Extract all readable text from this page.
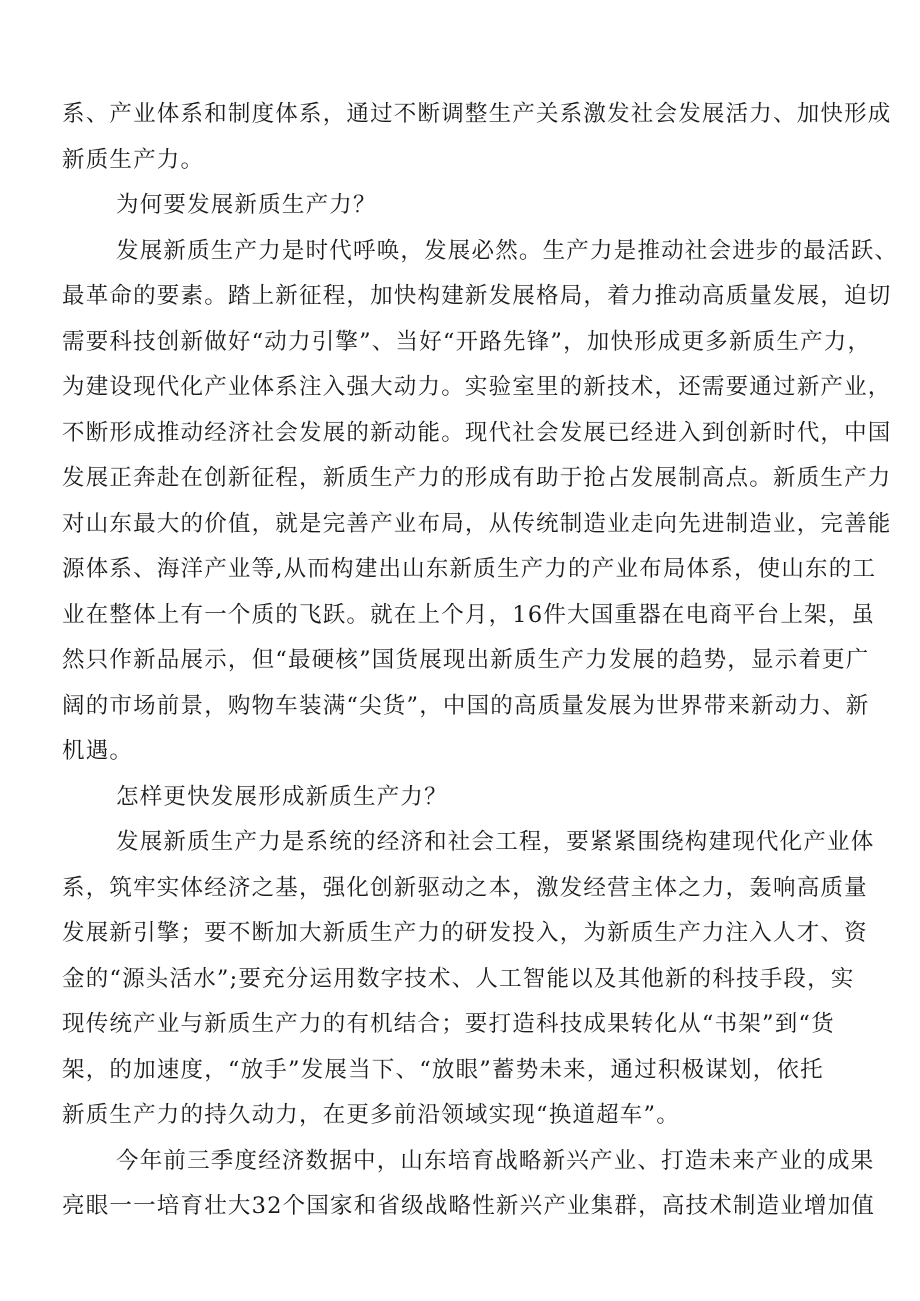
系、产业体系和制度体系，通过不断调整生产关系激发社会发展活力、加快形成
新质生产力。
为何要发展新质生产力？
发展新质生产力是时代呼唤，发展必然。生产力是推动社会进步的最活跃、
最革命的要素。踏上新征程，加快构建新发展格局，着力推动高质量发展，迫切
需要科技创新做好“动力引擎”、当好“开路先锋”，加快形成更多新质生产力，
为建设现代化产业体系注入强大动力。实验室里的新技术，还需要通过新产业，
不断形成推动经济社会发展的新动能。现代社会发展已经进入到创新时代，中国
发展正奔赴在创新征程，新质生产力的形成有助于抢占发展制高点。新质生产力
对山东最大的价值，就是完善产业布局，从传统制造业走向先进制造业，完善能
源体系、海洋产业等,从而构建出山东新质生产力的产业布局体系，使山东的工
业在整体上有一个质的飞跃。就在上个月，16件大国重器在电商平台上架，虽
然只作新品展示，但“最硬核”国货展现出新质生产力发展的趋势，显示着更广
阔的市场前景，购物车装满“尖货”，中国的高质量发展为世界带来新动力、新
机遇。
怎样更快发展形成新质生产力？
发展新质生产力是系统的经济和社会工程，要紧紧围绕构建现代化产业体
系，筑牢实体经济之基，强化创新驱动之本，激发经营主体之力，轰响高质量
发展新引擎；要不断加大新质生产力的研发投入，为新质生产力注入人才、资
金的“源头活水”;要充分运用数字技术、人工智能以及其他新的科技手段，实
现传统产业与新质生产力的有机结合；要打造科技成果转化从“书架”到“货
架，的加速度，“放手”发展当下、“放眼”蓄势未来，通过积极谋划，依托
新质生产力的持久动力，在更多前沿领域实现“换道超车”。
今年前三季度经济数据中，山东培育战略新兴产业、打造未来产业的成果
亮眼一一培育壮大32个国家和省级战略性新兴产业集群，高技术制造业增加值
